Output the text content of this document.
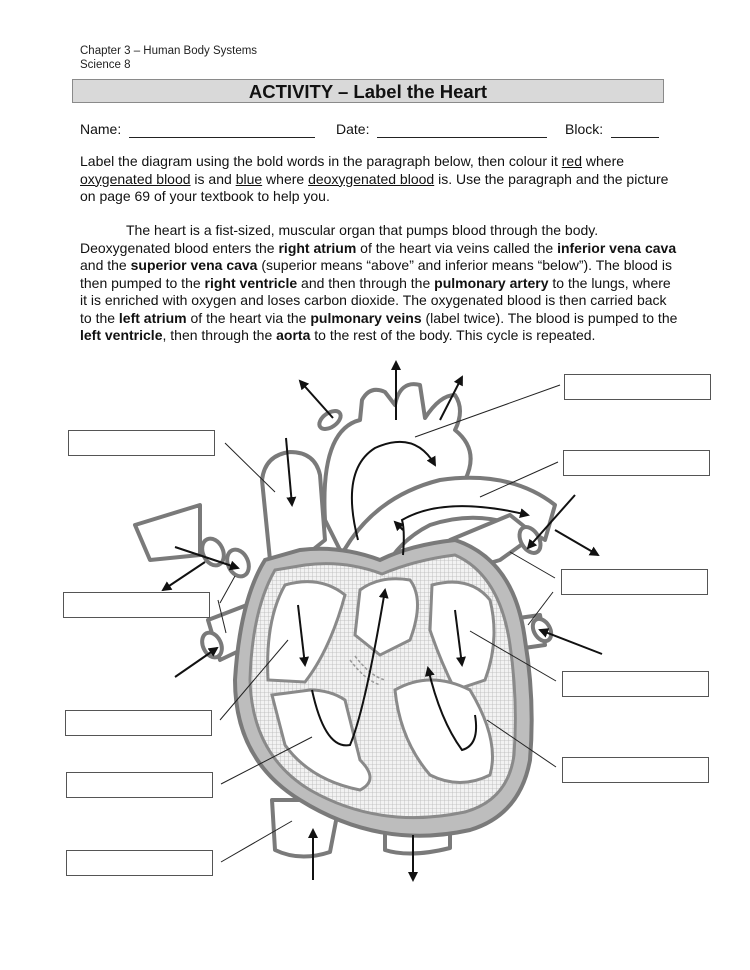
Chapter 3 – Human Body Systems
Science 8
ACTIVITY – Label the Heart
Name:	Date:	Block:
Label the diagram using the bold words in the paragraph below, then colour it red where oxygenated blood is and blue where deoxygenated blood is. Use the paragraph and the picture on page 69 of your textbook to help you.
The heart is a fist-sized, muscular organ that pumps blood through the body. Deoxygenated blood enters the right atrium of the heart via veins called the inferior vena cava and the superior vena cava (superior means “above” and inferior means “below”). The blood is then pumped to the right ventricle and then through the pulmonary artery to the lungs, where it is enriched with oxygen and loses carbon dioxide. The oxygenated blood is then carried back to the left atrium of the heart via the pulmonary veins (label twice). The blood is pumped to the left ventricle, then through the aorta to the rest of the body. This cycle is repeated.
